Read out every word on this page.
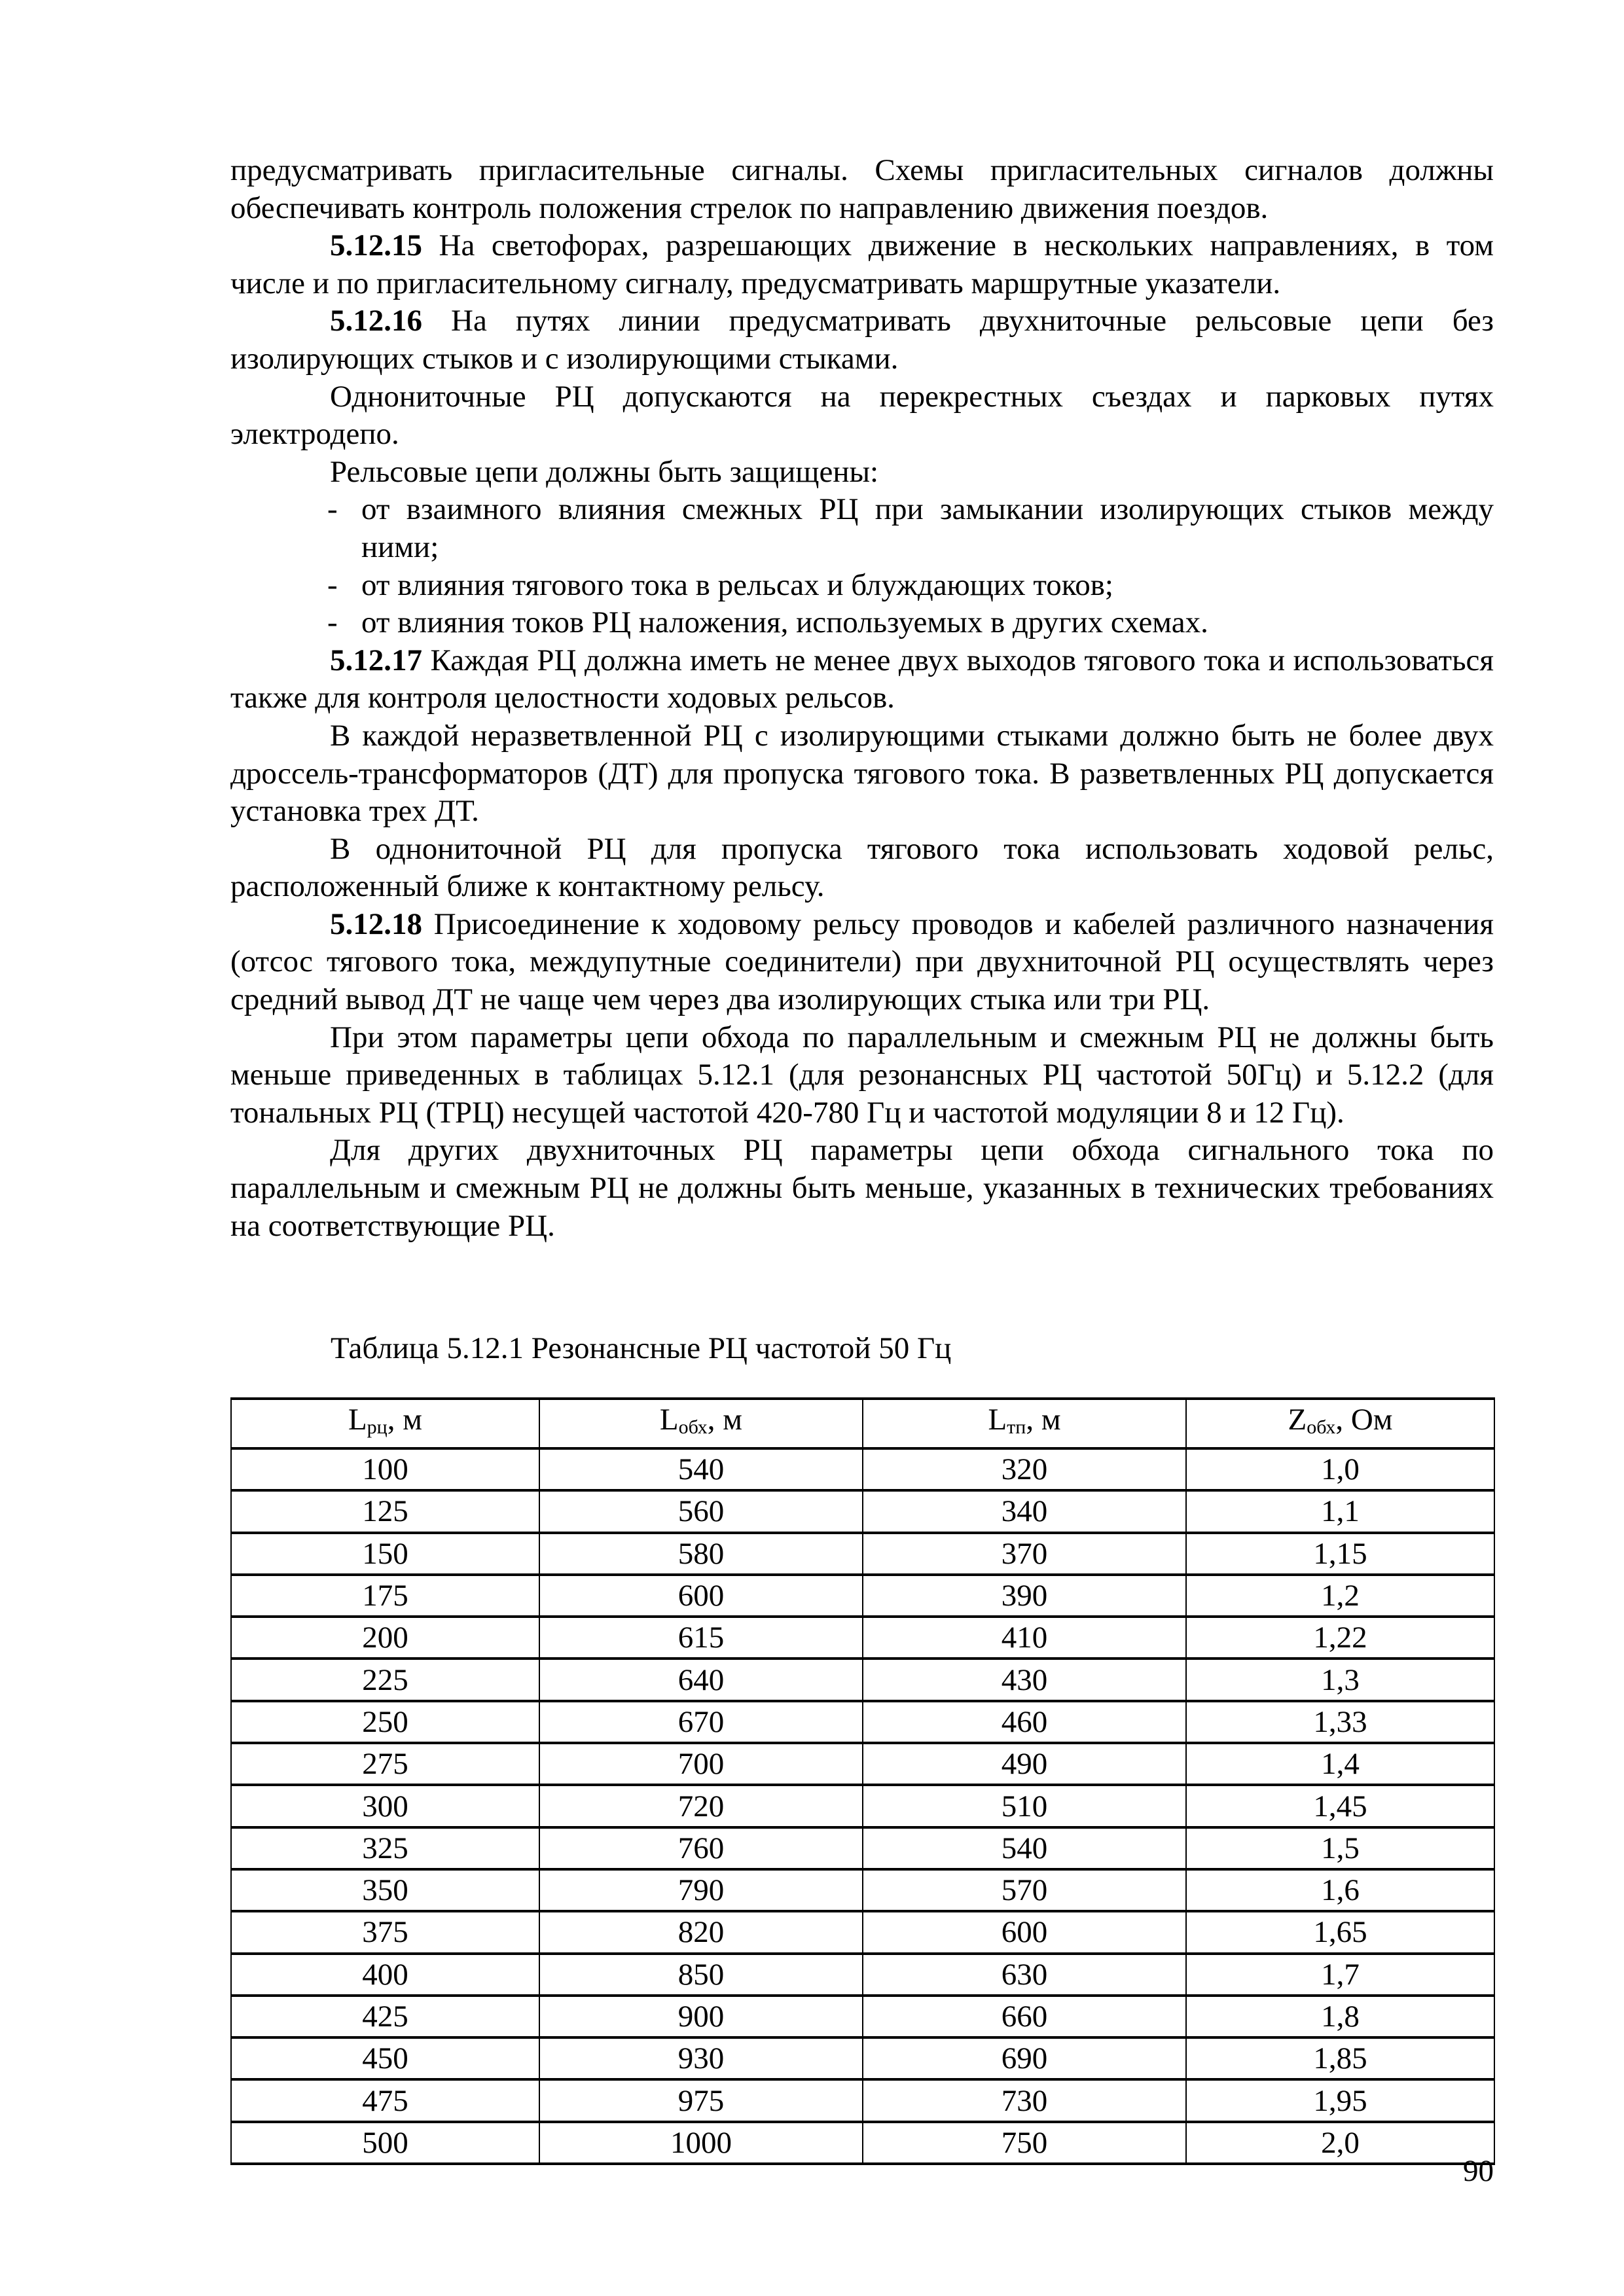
предусматривать пригласительные сигналы. Схемы пригласительных сигналов должны обеспечивать контроль положения стрелок по направлению движения поездов.

5.12.15 На светофорах, разрешающих движение в нескольких направлениях, в том числе и по пригласительному сигналу, предусматривать маршрутные указатели.

5.12.16 На путях линии предусматривать двухниточные рельсовые цепи без изолирующих стыков и с изолирующими стыками.

Однониточные РЦ допускаются на перекрестных съездах и парковых путях электродепо.

Рельсовые цепи должны быть защищены:

- от взаимного влияния смежных РЦ при замыкании изолирующих стыков между ними;
- от влияния тягового тока в рельсах и блуждающих токов;
- от влияния токов РЦ наложения, используемых в других схемах.

5.12.17 Каждая РЦ должна иметь не менее двух выходов тягового тока и использоваться также для контроля целостности ходовых рельсов.

В каждой неразветвленной РЦ с изолирующими стыками должно быть не более двух дроссель-трансформаторов (ДТ) для пропуска тягового тока. В разветвленных РЦ допускается установка трех ДТ.

В однониточной РЦ для пропуска тягового тока использовать ходовой рельс, расположенный ближе к контактному рельсу.

5.12.18 Присоединение к ходовому рельсу проводов и кабелей различного назначения (отсос тягового тока, междупутные соединители) при двухниточной РЦ осуществлять через средний вывод ДТ не чаще чем через два изолирующих стыка или три РЦ.

При этом параметры цепи обхода по параллельным и смежным РЦ не должны быть меньше приведенных в таблицах 5.12.1 (для резонансных РЦ частотой 50Гц) и 5.12.2 (для тональных РЦ (ТРЦ) несущей частотой 420-780 Гц и частотой модуляции 8 и 12 Гц).

Для других двухниточных РЦ параметры цепи обхода сигнального тока по параллельным и смежным РЦ не должны быть меньше, указанных в технических требованиях на соответствующие РЦ.

Таблица 5.12.1 Резонансные РЦ частотой 50 Гц

$L_{рц}$, м	$L_{обх}$, м	$L_{тп}$, м	$Z_{обх}$, Ом
100	540	320	1,0
125	560	340	1,1
150	580	370	1,15
175	600	390	1,2
200	615	410	1,22
225	640	430	1,3
250	670	460	1,33
275	700	490	1,4
300	720	510	1,45
325	760	540	1,5
350	790	570	1,6
375	820	600	1,65
400	850	630	1,7
425	900	660	1,8
450	930	690	1,85
475	975	730	1,95
500	1000	750	2,0
90
